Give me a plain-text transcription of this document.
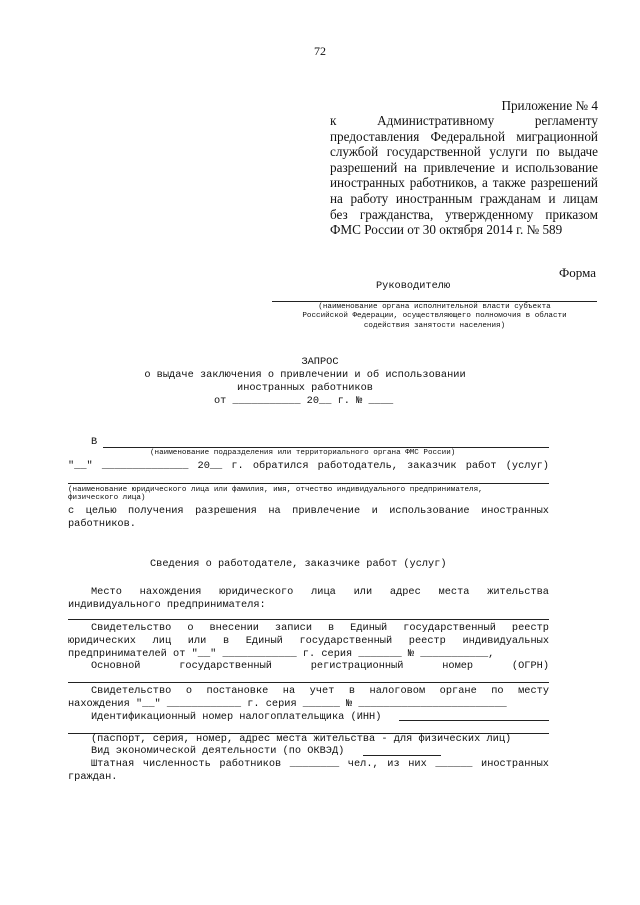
72
Приложение № 4
к Административному регламенту
предоставления Федеральной миграционной
службой государственной услуги по выдаче
разрешений на привлечение и использование
иностранных работников, а также разрешений
на работу иностранным гражданам и лицам
без гражданства, утвержденному приказом
ФМС России от 30 октября 2014 г. № 589
Форма
Руководителю
(наименование органа исполнительной власти субъекта
Российской Федерации, осуществляющего полномочия в области
содействия занятости населения)
ЗАПРОС
о выдаче заключения о привлечении и об использовании
иностранных работников
от ___________ 20__ г. № ____
В
(наименование подразделения или территориального органа ФМС России)
"__" ______________ 20__ г. обратился работодатель, заказчик работ (услуг)
(наименование юридического лица или фамилия, имя, отчество индивидуального предпринимателя,
физического лица)
с целью получения разрешения на привлечение и использование иностранных
работников.
Сведения о работодателе, заказчике работ (услуг)
Место нахождения юридического лица или адрес места жительства
индивидуального предпринимателя:
Свидетельство о внесении записи в Единый государственный реестр
юридических лиц или в Единый государственный реестр индивидуальных
предпринимателей от "__" ____________ г. серия _______ № ___________,
Основной государственный регистрационный номер (ОГРН)
Свидетельство о постановке на учет в налоговом органе по месту
нахождения "__" ____________ г. серия ______ № ________________________
Идентификационный номер налогоплательщика (ИНН)
(паспорт, серия, номер, адрес места жительства - для физических лиц)
Вид экономической деятельности (по ОКВЭД)
Штатная численность работников ________ чел., из них ______ иностранных
граждан.
